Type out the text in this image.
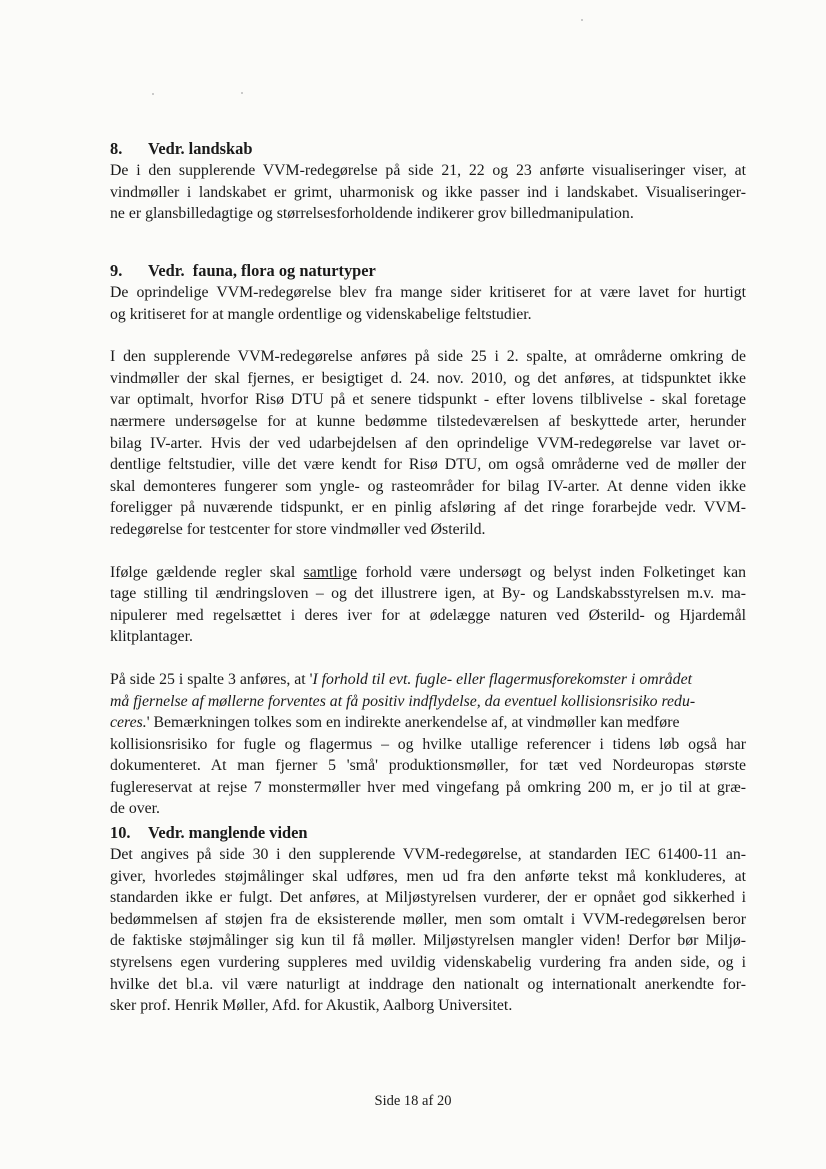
8. Vedr. landskab

De i den supplerende VVM-redegørelse på side 21, 22 og 23 anførte visualiseringer viser, at
vindmøller i landskabet er grimt, uharmonisk og ikke passer ind i landskabet. Visualiseringer-
ne er glansbilledagtige og størrelsesforholdende indikerer grov billedmanipulation.

9. Vedr.  fauna, flora og naturtyper

De oprindelige VVM-redegørelse blev fra mange sider kritiseret for at være lavet for hurtigt
og kritiseret for at mangle ordentlige og videnskabelige feltstudier.

I den supplerende VVM-redegørelse anføres på side 25 i 2. spalte, at områderne omkring de
vindmøller der skal fjernes, er besigtiget d. 24. nov. 2010, og det anføres, at tidspunktet ikke
var optimalt, hvorfor Risø DTU på et senere tidspunkt - efter lovens tilblivelse - skal foretage
nærmere undersøgelse for at kunne bedømme tilstedeværelsen af beskyttede arter, herunder
bilag IV-arter. Hvis der ved udarbejdelsen af den oprindelige VVM-redegørelse var lavet or-
dentlige feltstudier, ville det være kendt for Risø DTU, om også områderne ved de møller der
skal demonteres fungerer som yngle- og rasteområder for bilag IV-arter. At denne viden ikke
foreligger på nuværende tidspunkt, er en pinlig afsløring af det ringe forarbejde vedr. VVM-
redegørelse for testcenter for store vindmøller ved Østerild.

Ifølge gældende regler skal samtlige forhold være undersøgt og belyst inden Folketinget kan
tage stilling til ændringsloven – og det illustrere igen, at By- og Landskabsstyrelsen m.v. ma-
nipulerer med regelsættet i deres iver for at ødelægge naturen ved Østerild- og Hjardemål
klitplantager.

På side 25 i spalte 3 anføres, at 'I forhold til evt. fugle- eller flagermusforekomster i området
må fjernelse af møllerne forventes at få positiv indflydelse, da eventuel kollisionsrisiko redu-
ceres.' Bemærkningen tolkes som en indirekte anerkendelse af, at vindmøller kan medføre
kollisionsrisiko for fugle og flagermus – og hvilke utallige referencer i tidens løb også har
dokumenteret. At man fjerner 5 'små' produktionsmøller, for tæt ved Nordeuropas største
fuglereservat at rejse 7 monstermøller hver med vingefang på omkring 200 m, er jo til at græ-
de over.

10. Vedr. manglende viden

Det angives på side 30 i den supplerende VVM-redegørelse, at standarden IEC 61400-11 an-
giver, hvorledes støjmålinger skal udføres, men ud fra den anførte tekst må konkluderes, at
standarden ikke er fulgt. Det anføres, at Miljøstyrelsen vurderer, der er opnået god sikkerhed i
bedømmelsen af støjen fra de eksisterende møller, men som omtalt i VVM-redegørelsen beror
de faktiske støjmålinger sig kun til få møller. Miljøstyrelsen mangler viden! Derfor bør Miljø-
styrelsens egen vurdering suppleres med uvildig videnskabelig vurdering fra anden side, og i
hvilke det bl.a. vil være naturligt at inddrage den nationalt og internationalt anerkendte for-
sker prof. Henrik Møller, Afd. for Akustik, Aalborg Universitet.

Side 18 af 20
